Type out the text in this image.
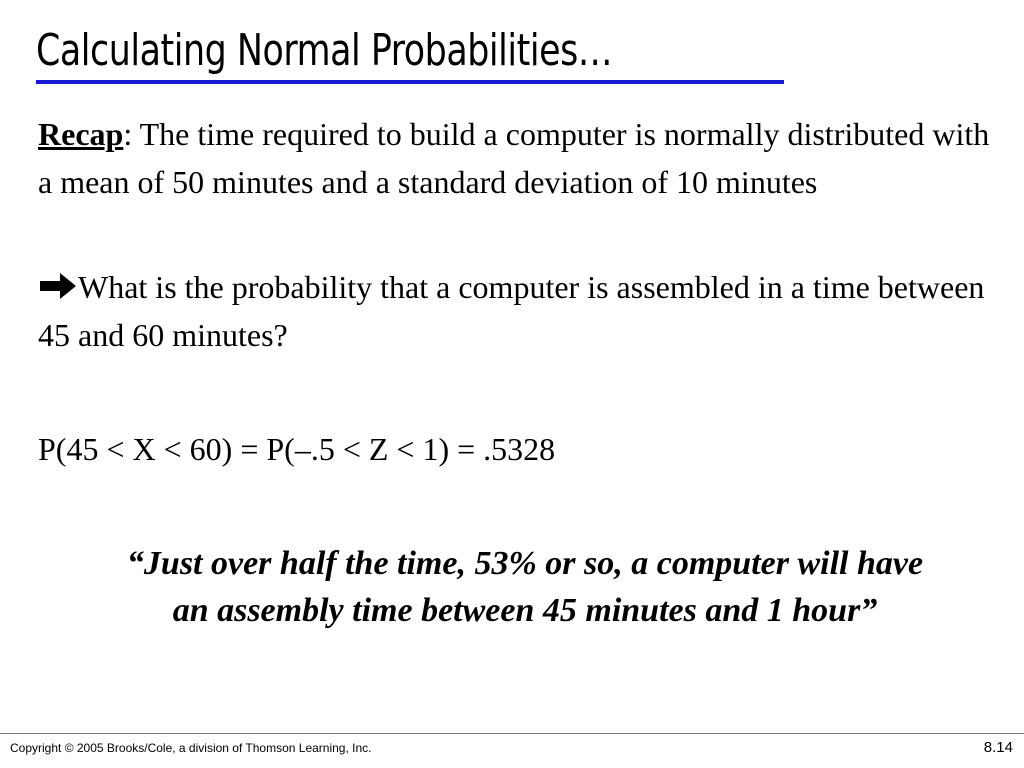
Calculating Normal Probabilities…
Recap: The time required to build a computer is normally distributed with a mean of 50 minutes and a standard deviation of 10 minutes
What is the probability that a computer is assembled in a time between 45 and 60 minutes?
P(45 < X < 60) = P(–.5 < Z < 1) = .5328
“Just over half the time, 53% or so, a computer will have
an assembly time between 45 minutes and 1 hour”
Copyright © 2005 Brooks/Cole, a division of Thomson Learning, Inc.	8.14
